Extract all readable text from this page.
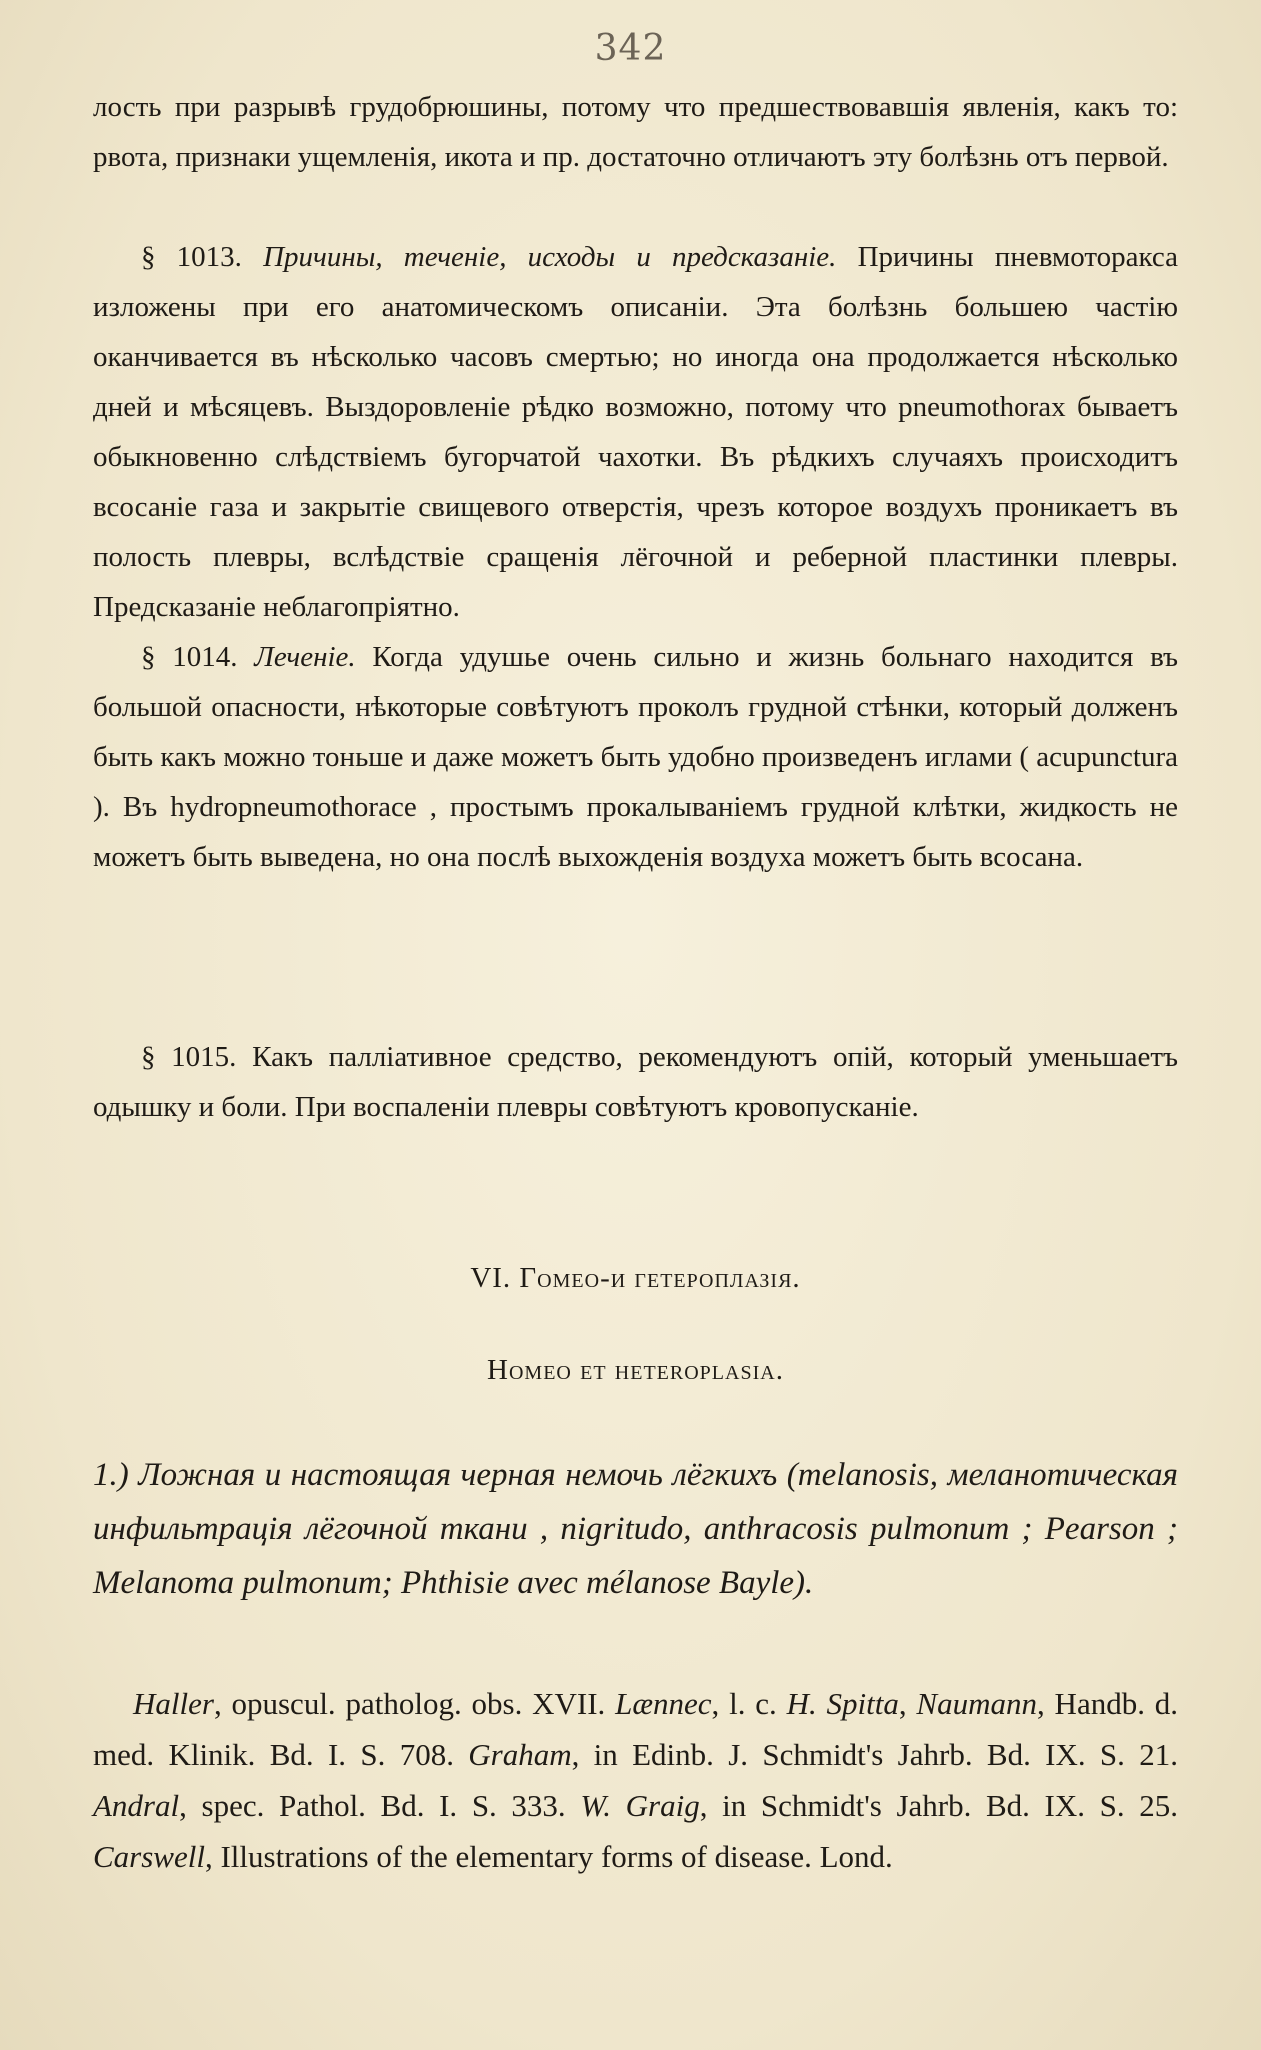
342

лость при разрывѣ грудобрюшины, потому что предшествовавшія явленія, какъ то: рвота, признаки ущемленія, икота и пр. достаточно отличаютъ эту болѣзнь отъ первой.

§ 1013. Причины, теченіе, исходы и предсказаніе. Причины пневмоторакса изложены при его анатомическомъ описаніи. Эта болѣзнь большею частію оканчивается въ нѣсколько часовъ смертью; но иногда она продолжается нѣсколько дней и мѣсяцевъ. Выздоровленіе рѣдко возможно, потому что pneumothorax бываетъ обыкновенно слѣдствіемъ бугорчатой чахотки. Въ рѣдкихъ случаяхъ происходитъ всосаніе газа и закрытіе свищевого отверстія, чрезъ которое воздухъ проникаетъ въ полость плевры, вслѣдствіе сращенія лёгочной и реберной пластинки плевры. Предсказаніе неблагопріятно.

§ 1014. Леченіе. Когда удушье очень сильно и жизнь больнаго находится въ большой опасности, нѣкоторые совѣтуютъ проколъ грудной стѣнки, который долженъ быть какъ можно тоньше и даже можетъ быть удобно произведенъ иглами ( acupunctura ). Въ hydropneumothorace , простымъ прокалываніемъ грудной клѣтки, жидкость не можетъ быть выведена, но она послѣ выхожденія воздуха можетъ быть всосана.

§ 1015. Какъ паллiативное средство, рекомендуютъ опій, который уменьшаетъ одышку и боли. При воспаленіи плевры совѣтуютъ кровопусканіе.

VI. Гомео-и гетероплазія.
Homeo et heteroplasia.

1.) Ложная и настоящая черная немочь лёгкихъ (melanosis, меланотическая инфильтрація лёгочной ткани , nigritudo, anthracosis pulmonum ; Pearson ; Melanoma pulmonum; Phthisie avec mélanose Bayle).

Haller, opuscul. patholog. obs. XVII. Lænnec, l. c. H. Spitta, Naumann, Handb. d. med. Klinik. Bd. I. S. 708. Graham, in Edinb. J. Schmidt's Jahrb. Bd. IX. S. 21. Andral, spec. Pathol. Bd. I. S. 333. W. Graig, in Schmidt's Jahrb. Bd. IX. S. 25. Carswell, Illustrations of the elementary forms of disease. Lond.
